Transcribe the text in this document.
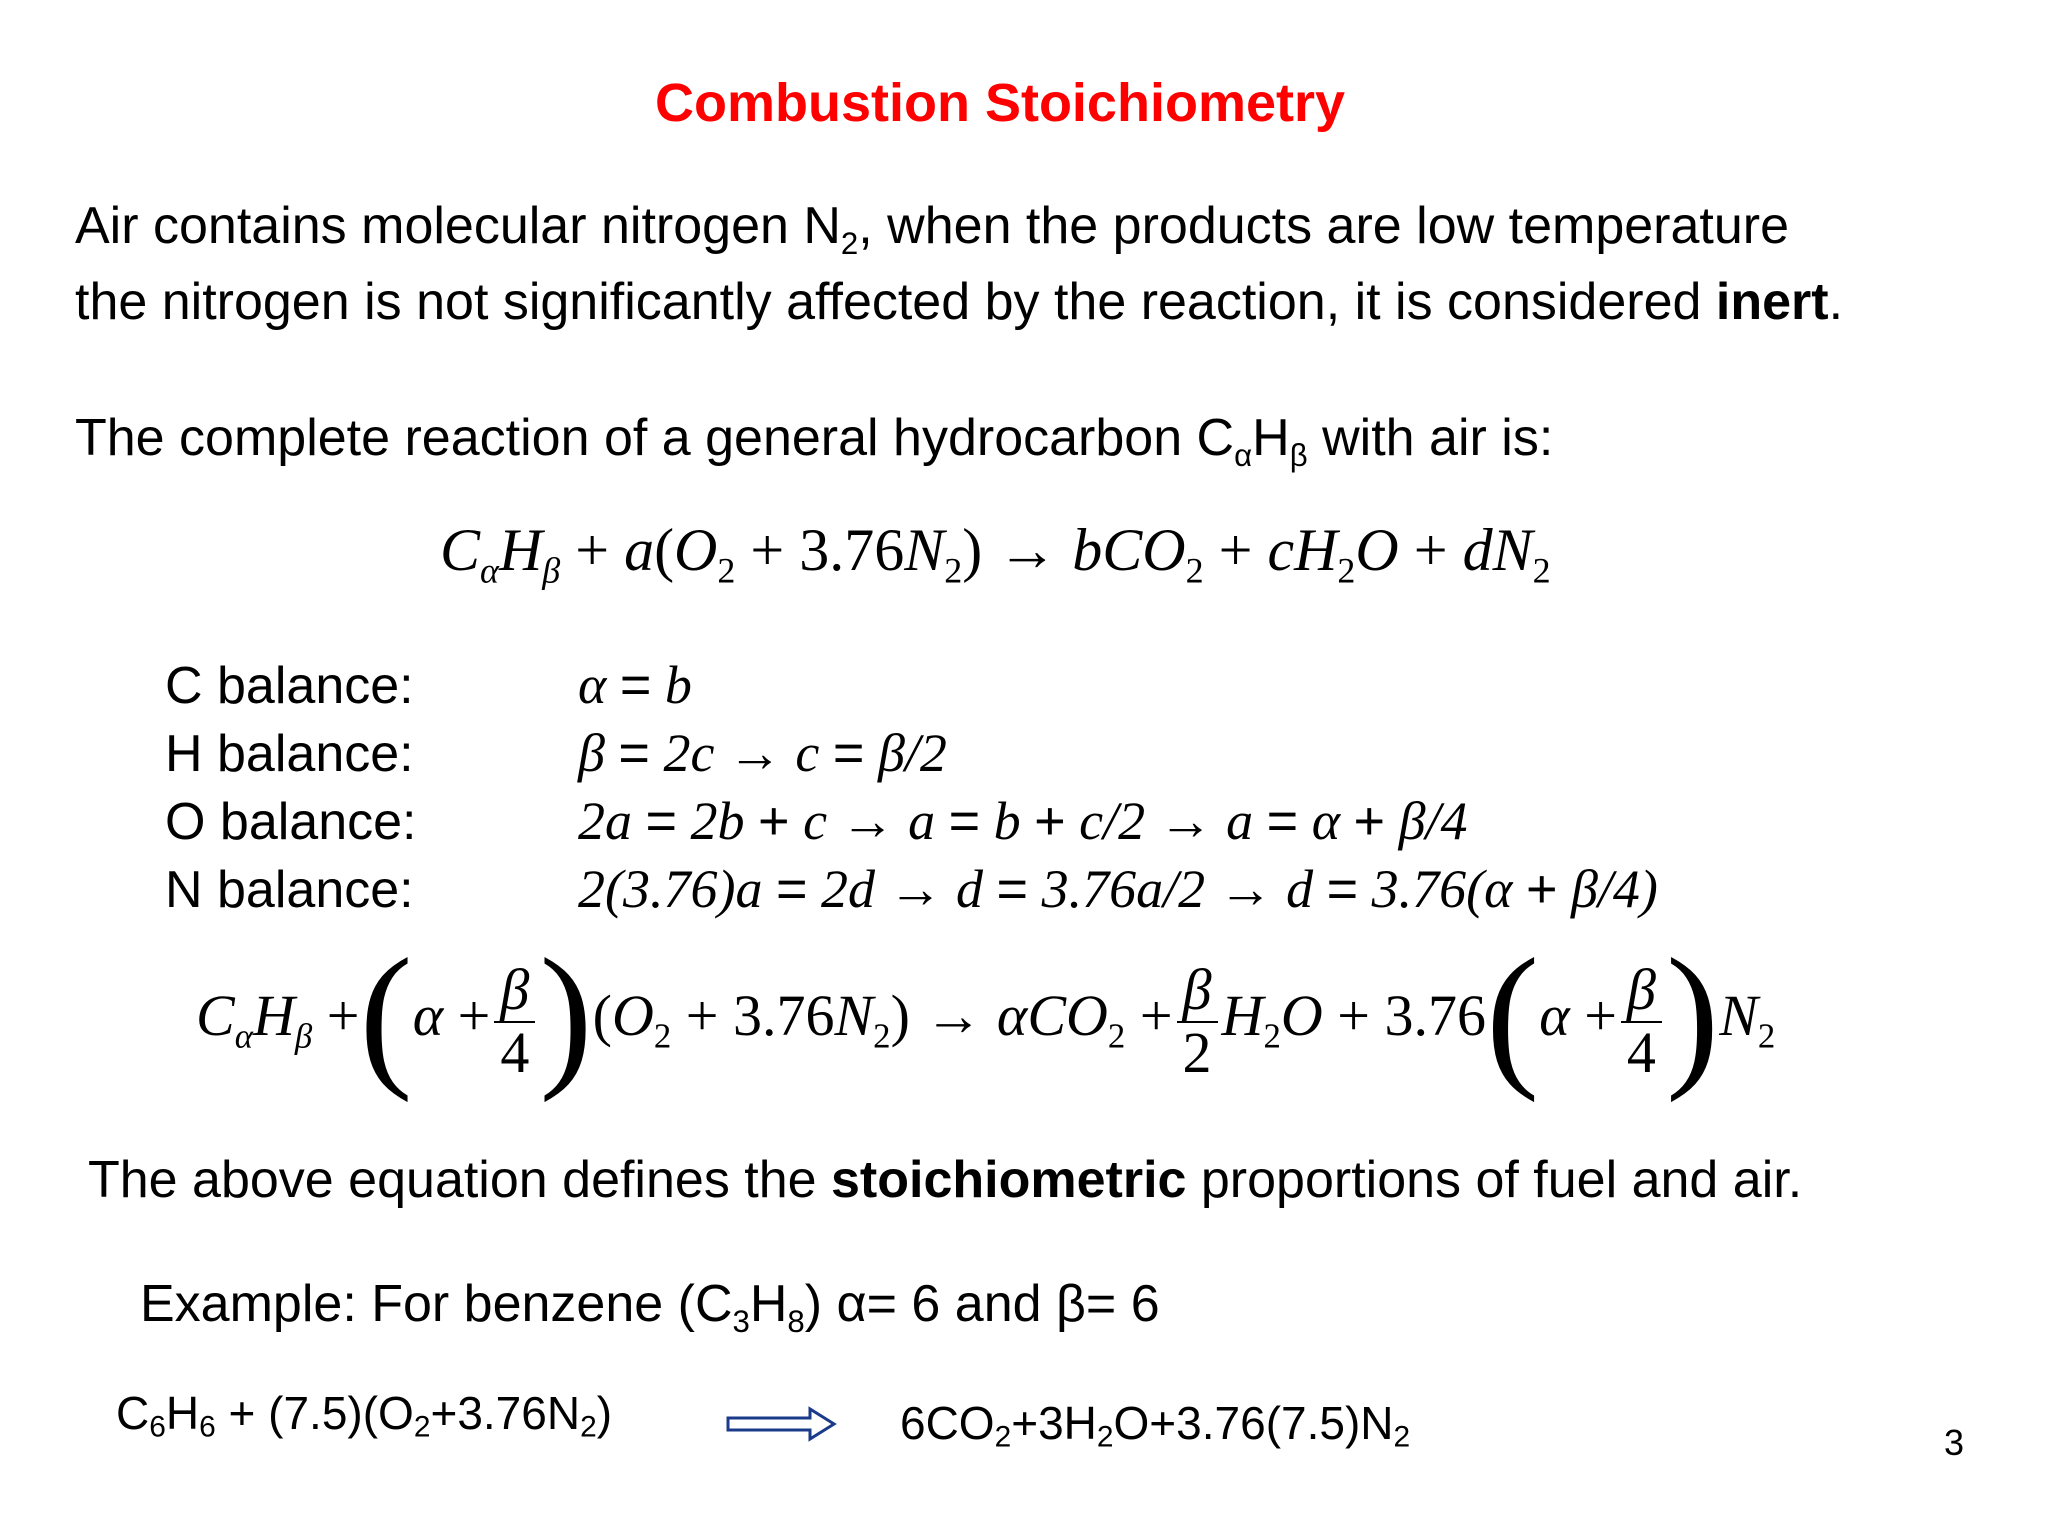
Combustion Stoichiometry
Air contains molecular nitrogen $N_2$, when the products are low temperature
the nitrogen is not significantly affected by the reaction, it is considered inert.
The complete reaction of a general hydrocarbon $C_\alpha H_\beta$ with air is:
$C_\alpha H_\beta + a(O_2 + 3.76N_2) \to bCO_2 + cH_2O + dN_2$
C balance:	α = b
H balance:	β = 2c → c = β/2
O balance:	2a = 2b + c → a = b + c/2 → a = α + β/4
N balance:	2(3.76)a = 2d → d = 3.76a/2 → d = 3.76(α + β/4)
$C_\alpha H_\beta +(\alpha + \frac{\beta}{4} )(O_2 + 3.76N_2) \to \alpha CO_2 + \frac{\beta}{2} H_2O + 3.76(\alpha + \frac{\beta}{4} )N_2$
The above equation defines the stoichiometric proportions of fuel and air.
Example: For benzene $(C_3H_8)$ α= 6 and β= 6
C6H6 + (7.5)(O2+3.76N2)	6CO2+3H2O+3.76(7.5)N2	3
